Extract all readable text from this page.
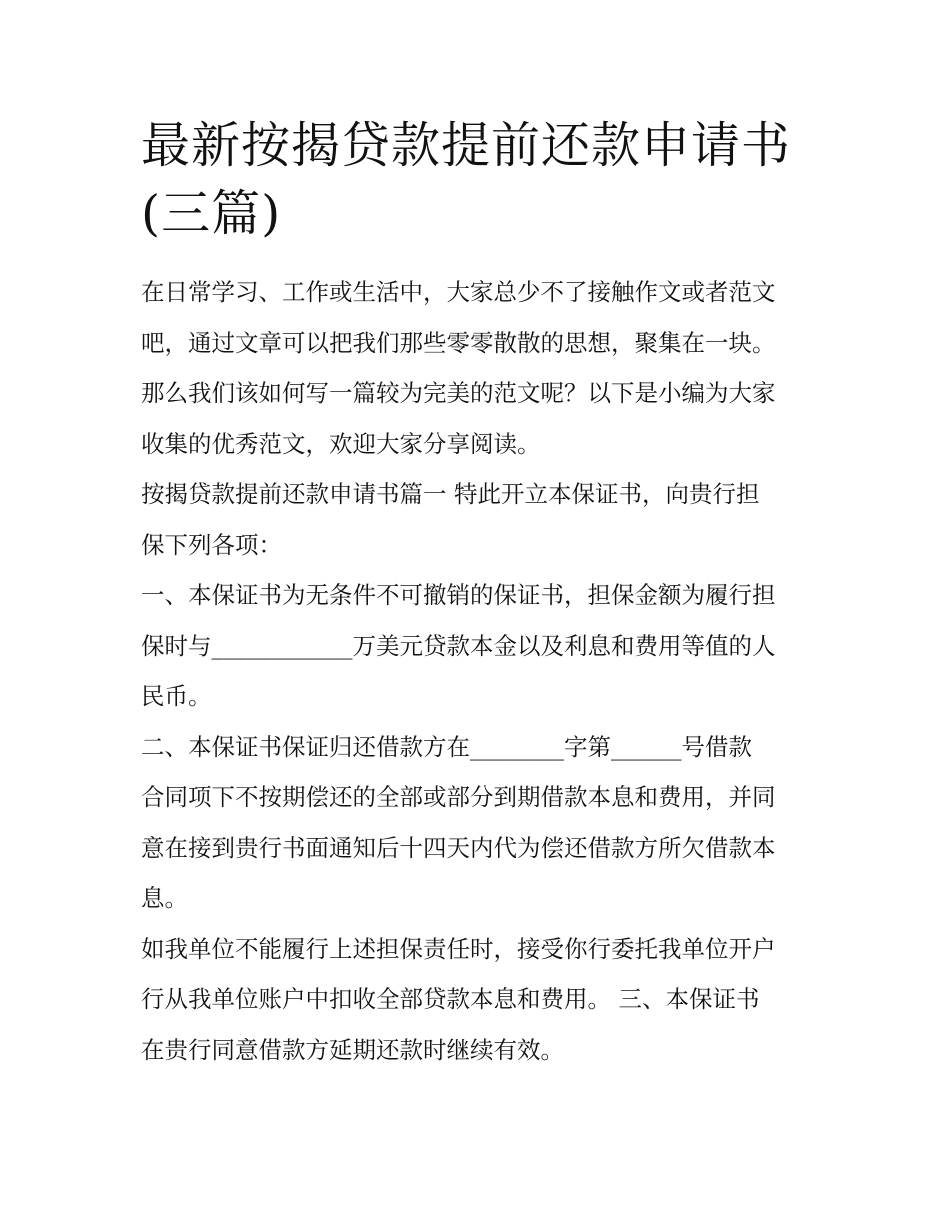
最新按揭贷款提前还款申请书
(三篇)

在日常学习、工作或生活中，大家总少不了接触作文或者范文
吧，通过文章可以把我们那些零零散散的思想，聚集在一块。
那么我们该如何写一篇较为完美的范文呢？以下是小编为大家
收集的优秀范文，欢迎大家分享阅读。

按揭贷款提前还款申请书篇一 特此开立本保证书，向贵行担
保下列各项：

一、本保证书为无条件不可撤销的保证书，担保金额为履行担
保时与____________万美元贷款本金以及利息和费用等值的人
民币。

二、本保证书保证归还借款方在________字第______号借款
合同项下不按期偿还的全部或部分到期借款本息和费用，并同
意在接到贵行书面通知后十四天内代为偿还借款方所欠借款本
息。

如我单位不能履行上述担保责任时，接受你行委托我单位开户
行从我单位账户中扣收全部贷款本息和费用。 三、本保证书
在贵行同意借款方延期还款时继续有效。
